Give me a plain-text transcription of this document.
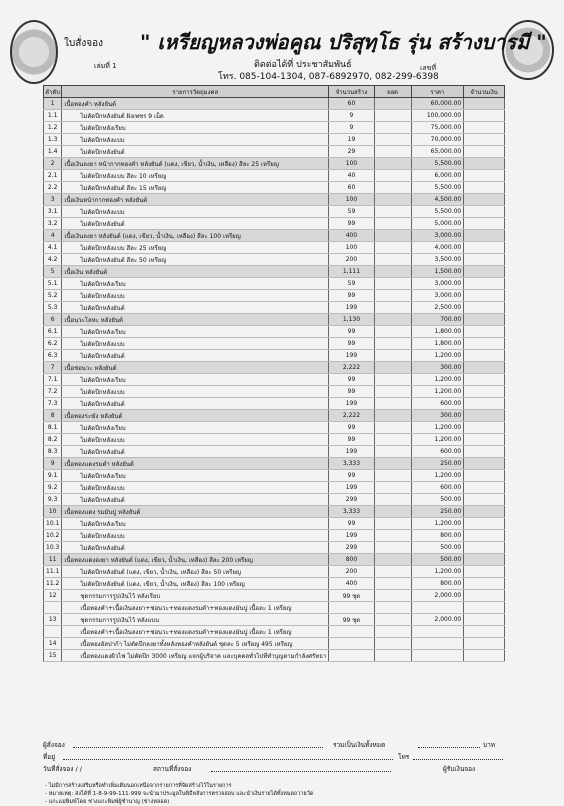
ใบสั่งจอง " เหรียญหลวงพ่อคูณ ปริสุทฺโธ รุ่น สร้างบารมี "
เล่มที่ 1	ติดต่อได้ที่ ประชาสัมพันธ์
โทร. 085-104-1304, 087-6892970, 082-299-6398
เลขที่
ลำดับ	รายการวัตถุมงคล	จำนวนสร้าง	ยอด	ราคา	จำนวนเงิน
1	เนื้อทองคำ หลังยันต์	60		60,000.00	
1.1	ไม่ตัดปีกหลังยันต์ ฝังเพชร 9 เม็ด	9		100,000.00	
1.2	ไม่ตัดปีกหลังเรียบ	9		75,000.00	
1.3	ไม่ตัดปีกหลังแบบ	19		70,000.00	
1.4	ไม่ตัดปีกหลังยันต์	29		65,000.00	
2	เนื้อเงินลงยา หน้ากากทองคำ หลังยันต์ (แดง, เขียว, น้ำเงิน, เหลือง) สีละ 25 เหรียญ	100		5,500.00	
2.1	ไม่ตัดปีกหลังแบบ สีละ 10 เหรียญ	40		6,000.00	
2.2	ไม่ตัดปีกหลังยันต์ สีละ 15 เหรียญ	60		5,500.00	
3	เนื้อเงินหน้ากากทองคำ หลังยันต์	100		4,500.00	
3.1	ไม่ตัดปีกหลังแบบ	59		5,500.00	
3.2	ไม่ตัดปีกหลังยันต์	99		5,000.00	
4	เนื้อเงินลงยา หลังยันต์ (แดง, เขียว, น้ำเงิน, เหลือง) สีละ 100 เหรียญ	400		3,000.00	
4.1	ไม่ตัดปีกหลังแบบ สีละ 25 เหรียญ	100		4,000.00	
4.2	ไม่ตัดปีกหลังยันต์ สีละ 50 เหรียญ	200		3,500.00	
5	เนื้อเงิน หลังยันต์	1,111		1,500.00	
5.1	ไม่ตัดปีกหลังเรียบ	59		3,000.00	
5.2	ไม่ตัดปีกหลังแบบ	99		3,000.00	
5.3	ไม่ตัดปีกหลังยันต์	199		2,500.00	
6	เนื้อนวะโลหะ หลังยันต์	1,130		700.00	
6.1	ไม่ตัดปีกหลังเรียบ	99		1,800.00	
6.2	ไม่ตัดปีกหลังแบบ	99		1,800.00	
6.3	ไม่ตัดปีกหลังยันต์	199		1,200.00	
7	เนื้อช่อนวะ หลังยันต์	2,222		300.00	
7.1	ไม่ตัดปีกหลังเรียบ	99		1,200.00	
7.2	ไม่ตัดปีกหลังแบบ	99		1,200.00	
7.3	ไม่ตัดปีกหลังยันต์	199		600.00	
8	เนื้อทองระฆัง หลังยันต์	2,222		300.00	
8.1	ไม่ตัดปีกหลังเรียบ	99		1,200.00	
8.2	ไม่ตัดปีกหลังแบบ	99		1,200.00	
8.3	ไม่ตัดปีกหลังยันต์	199		600.00	
9	เนื้อทองแดงรมดำ หลังยันต์	3,333		250.00	
9.1	ไม่ตัดปีกหลังเรียบ	99		1,200.00	
9.2	ไม่ตัดปีกหลังแบบ	199		600.00	
9.3	ไม่ตัดปีกหลังยันต์	299		500.00	
10	เนื้อทองแดง รมมันปู หลังยันต์	3,333		250.00	
10.1	ไม่ตัดปีกหลังเรียบ	99		1,200.00	
10.2	ไม่ตัดปีกหลังแบบ	199		800.00	
10.3	ไม่ตัดปีกหลังยันต์	299		500.00	
11	เนื้อทองแดงลงยา หลังยันต์ (แดง, เขียว, น้ำเงิน, เหลือง) สีละ 200 เหรียญ	800		500.00	
11.1	ไม่ตัดปีกหลังยันต์ (แดง, เขียว, น้ำเงิน, เหลือง) สีละ 50 เหรียญ	200		1,200.00	
11.2	ไม่ตัดปีกหลังยันต์ (แดง, เขียว, น้ำเงิน, เหลือง) สีละ 100 เหรียญ	400		800.00	
12	ชุดกรรมการรูปเงินไว้ หลังเรียบ	99 ชุด		2,000.00	
	เนื้อทองคำ+เนื้อเงินลงยา+ช่อนวะ+ทองแดงรมดำ+ทองแดงมันปู เนื้อละ 1 เหรียญ				
13	ชุดกรรมการรูปเงินไว้ หลังแบบ	99 ชุด		2,000.00	
	เนื้อทองคำ+เนื้อเงินลงยา+ช่อนวะ+ทองแดงรมดำ+ทองแดงมันปู เนื้อละ 1 เหรียญ				
14	เนื้อทองอัลปาก้า ไม่ตัดปีกลงยาทั้งหลังทองคำหลังยันต์ ชุดละ 5 เหรียญ 495 เหรียญ				
15	เนื้อทองแดงผิวไฟ ไม่ตัดปีก 3000 เหรียญ แจกผู้บริจาค และบุคคลทั่วไปที่ทำบุญตามกำลังศรัทธา				
ผู้สั่งจอง	รวมเป็นเงินทั้งหมด	บาท
ที่อยู่	โทร
วันที่สั่งจอง / /	สถานที่สั่งจอง	ผู้รับเงินจอง
- ไม่มีการสร้างเสริมหรือทำเพิ่มเติมนอกเหนือจากรายการที่จัดสร้างไว้ในรายการ
- หมายเหตุ: ส่งได้ที่ 1-8-9-99-111-999 จะนำมาประมูลในพิธีหลังการตรวจสอบ และนำเงินรายได้ทั้งหมดถวายวัด
- แกะแม่พิมพ์โดย ช่างแกะพิมพ์ผู้ชำนาญ (ช่างหลอด)
